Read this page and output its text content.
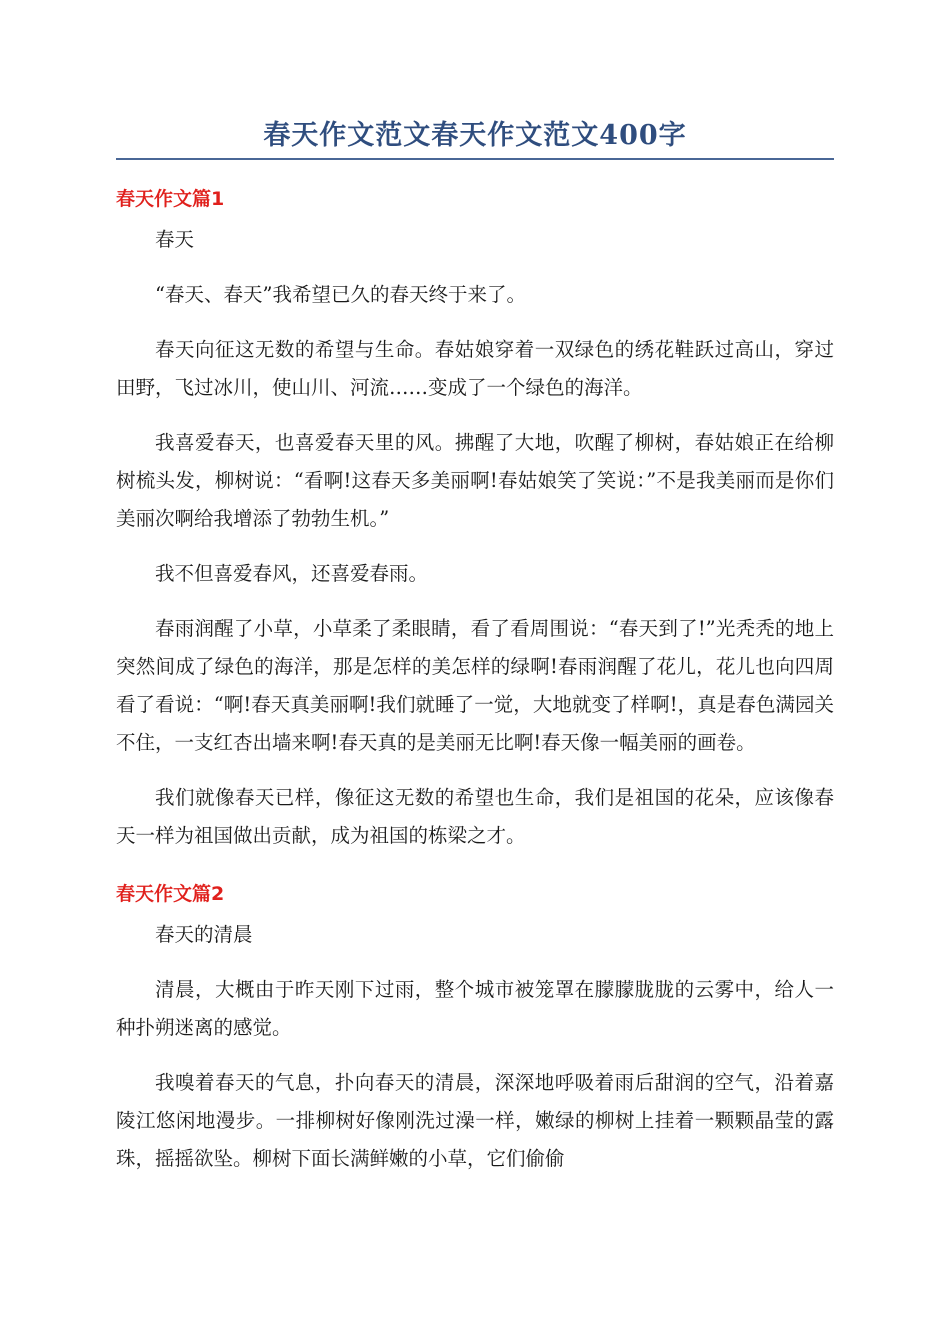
春天作文范文春天作文范文400字
春天作文篇1

春天

“春天、春天”我希望已久的春天终于来了。

春天向征这无数的希望与生命。春姑娘穿着一双绿色的绣花鞋跃过高山，穿过田野，飞过冰川，使山川、河流……变成了一个绿色的海洋。

我喜爱春天，也喜爱春天里的风。拂醒了大地，吹醒了柳树，春姑娘正在给柳树梳头发，柳树说：“看啊!这春天多美丽啊!春姑娘笑了笑说：”不是我美丽而是你们美丽次啊给我增添了勃勃生机。”

我不但喜爱春风，还喜爱春雨。

春雨润醒了小草，小草柔了柔眼睛，看了看周围说：“春天到了!”光秃秃的地上突然间成了绿色的海洋，那是怎样的美怎样的绿啊!春雨润醒了花儿，花儿也向四周看了看说：“啊!春天真美丽啊!我们就睡了一觉，大地就变了样啊!，真是春色满园关不住，一支红杏出墙来啊!春天真的是美丽无比啊!春天像一幅美丽的画卷。

我们就像春天已样，像征这无数的希望也生命，我们是祖国的花朵，应该像春天一样为祖国做出贡献，成为祖国的栋梁之才。

春天作文篇2

春天的清晨

清晨，大概由于昨天刚下过雨，整个城市被笼罩在朦朦胧胧的云雾中，给人一种扑朔迷离的感觉。

我嗅着春天的气息，扑向春天的清晨，深深地呼吸着雨后甜润的空气，沿着嘉陵江悠闲地漫步。一排柳树好像刚洗过澡一样，嫩绿的柳树上挂着一颗颗晶莹的露珠，摇摇欲坠。柳树下面长满鲜嫩的小草，它们偷偷
